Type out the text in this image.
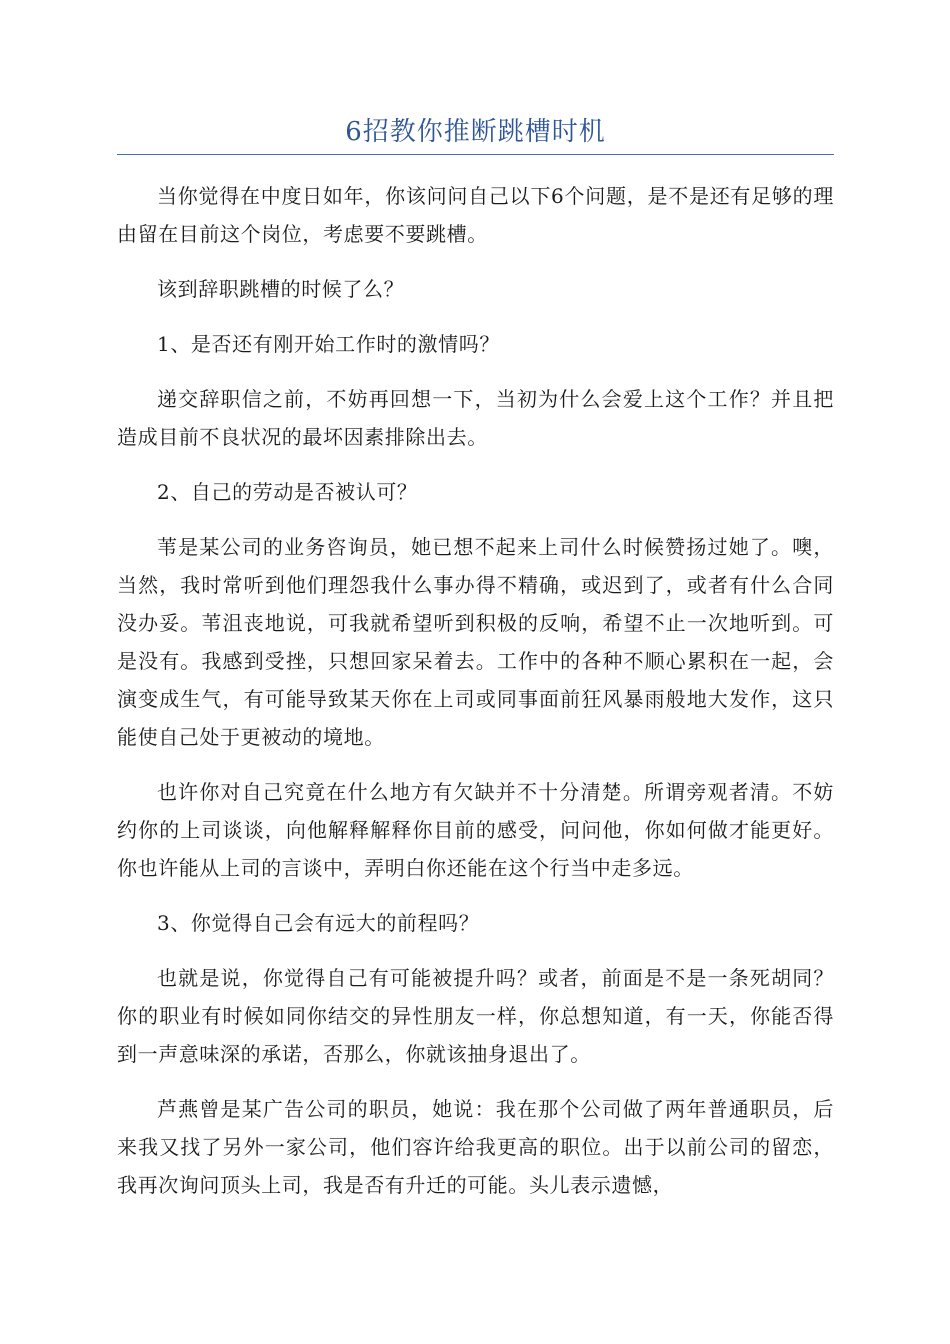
6招教你推断跳槽时机

当你觉得在中度日如年，你该问问自己以下6个问题，是不是还有足够的理由留在目前这个岗位，考虑要不要跳槽。

该到辞职跳槽的时候了么？

1、是否还有刚开始工作时的激情吗？

递交辞职信之前，不妨再回想一下，当初为什么会爱上这个工作？并且把造成目前不良状况的最坏因素排除出去。

2、自己的劳动是否被认可？

苇是某公司的业务咨询员，她已想不起来上司什么时候赞扬过她了。噢，当然，我时常听到他们理怨我什么事办得不精确，或迟到了，或者有什么合同没办妥。苇沮丧地说，可我就希望听到积极的反响，希望不止一次地听到。可是没有。我感到受挫，只想回家呆着去。工作中的各种不顺心累积在一起，会演变成生气，有可能导致某天你在上司或同事面前狂风暴雨般地大发作，这只能使自己处于更被动的境地。

也许你对自己究竟在什么地方有欠缺并不十分清楚。所谓旁观者清。不妨约你的上司谈谈，向他解释解释你目前的感受，问问他，你如何做才能更好。你也许能从上司的言谈中，弄明白你还能在这个行当中走多远。

3、你觉得自己会有远大的前程吗？

也就是说，你觉得自己有可能被提升吗？或者，前面是不是一条死胡同？你的职业有时候如同你结交的异性朋友一样，你总想知道，有一天，你能否得到一声意味深的承诺，否那么，你就该抽身退出了。

芦燕曾是某广告公司的职员，她说：我在那个公司做了两年普通职员，后来我又找了另外一家公司，他们容许给我更高的职位。出于以前公司的留恋，我再次询问顶头上司，我是否有升迁的可能。头儿表示遗憾，
